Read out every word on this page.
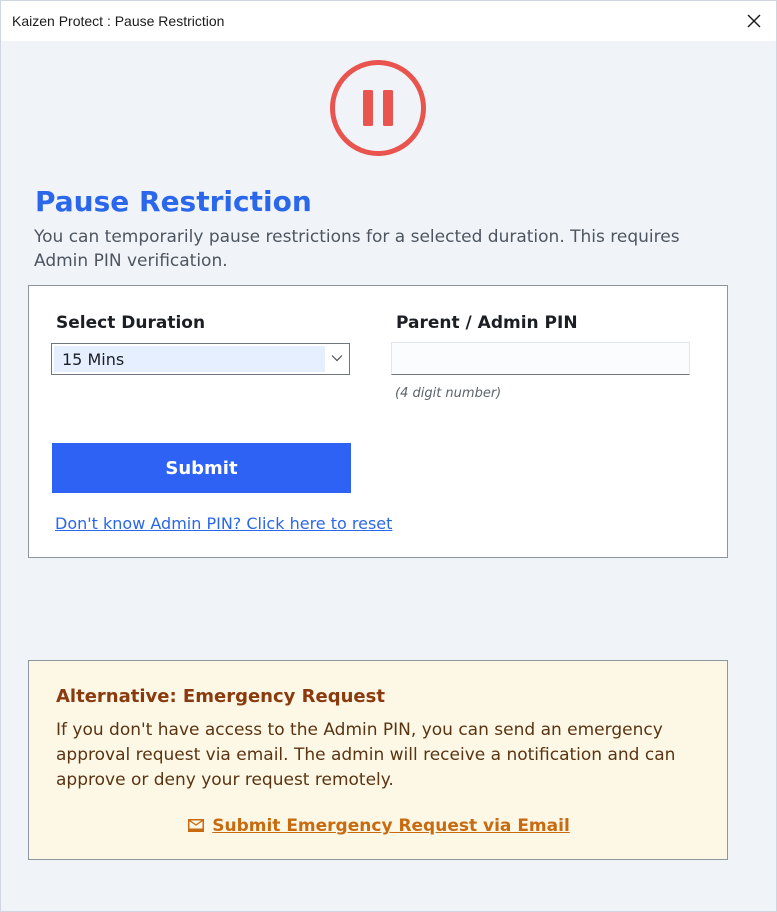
Kaizen Protect : Pause Restriction
Pause Restriction

You can temporarily pause restrictions for a selected duration. This requires Admin PIN verification.

Select Duration	Parent / Admin PIN
15 Mins
(4 digit number)
Submit
Don't know Admin PIN? Click here to reset
Alternative: Emergency Request

If you don't have access to the Admin PIN, you can send an emergency approval request via email. The admin will receive a notification and can approve or deny your request remotely.

Submit Emergency Request via Email
